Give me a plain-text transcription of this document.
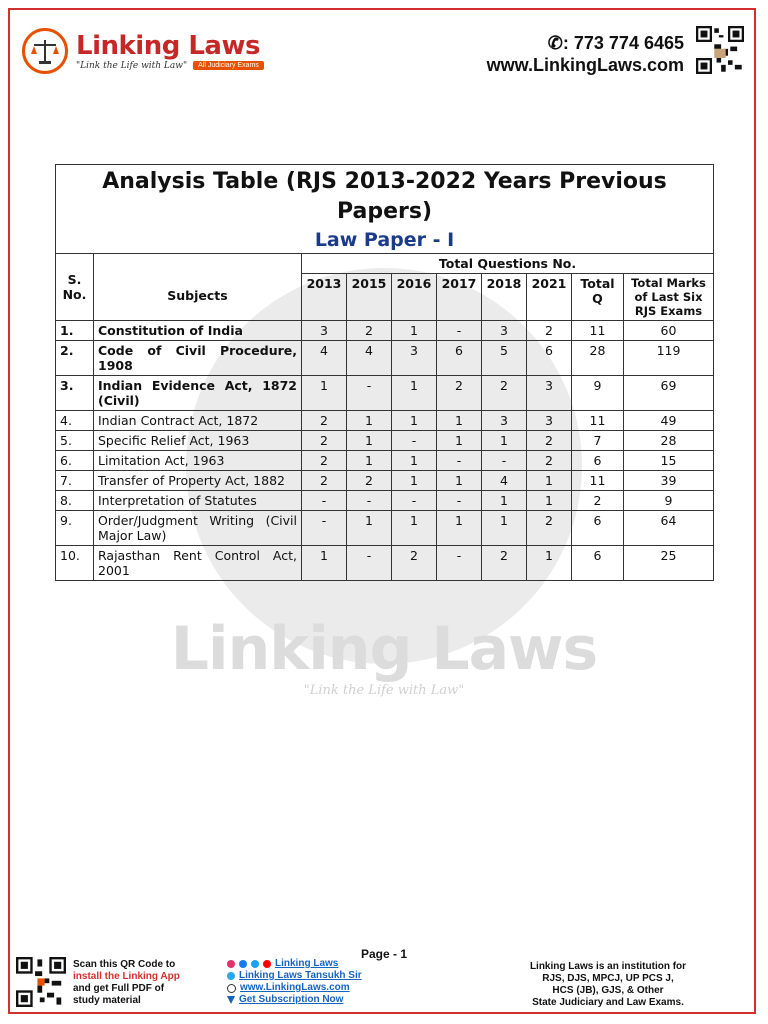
Linking Laws
"Link the Life with Law"	All Judiciary Exams
✆: 773 774 6465
www.LinkingLaws.com
Linking Laws
"Link the Life with Law"
Analysis Table (RJS 2013-2022 Years Previous Papers)
Law Paper - I									

S. No.	Subjects	Total Questions No.							
		2013	2015	2016	2017	2018	2021	Total Q	Total Marks of Last Six RJS Exams
1.	Constitution of India	3	2	1	-	3	2	11	60
2.	Code of Civil Procedure, 1908	4	4	3	6	5	6	28	119
3.	Indian Evidence Act, 1872 (Civil)	1	-	1	2	2	3	9	69
4.	Indian Contract Act, 1872	2	1	1	1	3	3	11	49
5.	Specific Relief Act, 1963	2	1	-	1	1	2	7	28
6.	Limitation Act, 1963	2	1	1	-	-	2	6	15
7.	Transfer of Property Act, 1882	2	2	1	1	4	1	11	39
8.	Interpretation of Statutes	-	-	-	-	1	1	2	9
9.	Order/Judgment Writing (Civil Major Law)	-	1	1	1	1	2	6	64
10.	Rajasthan Rent Control Act, 2001	1	-	2	-	2	1	6	25
Scan this QR Code to
install the Linking App
and get Full PDF of
study material
Linking Laws
Linking Laws Tansukh Sir
www.LinkingLaws.com
Get Subscription Now
Page - 1
Linking Laws is an institution for
RJS, DJS, MPCJ, UP PCS J,
HCS (JB), GJS, & Other
State Judiciary and Law Exams.
